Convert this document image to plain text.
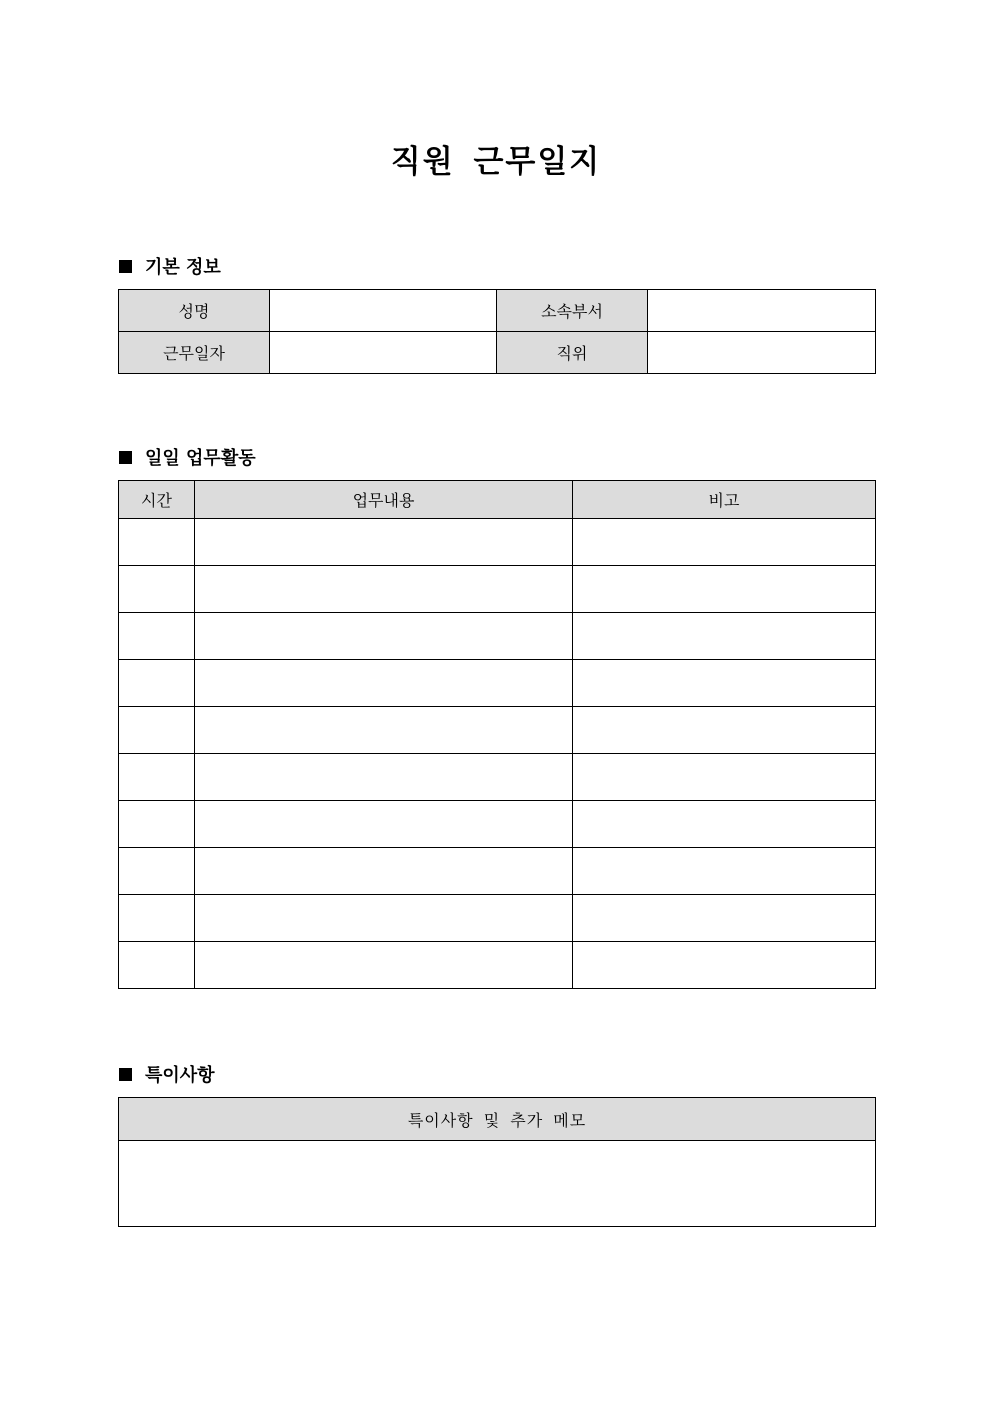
직원 근무일지
기본 정보
성명		소속부서	
근무일자		직위	
일일 업무활동
시간	업무내용	비고

특이사항
특이사항 및 추가 메모
